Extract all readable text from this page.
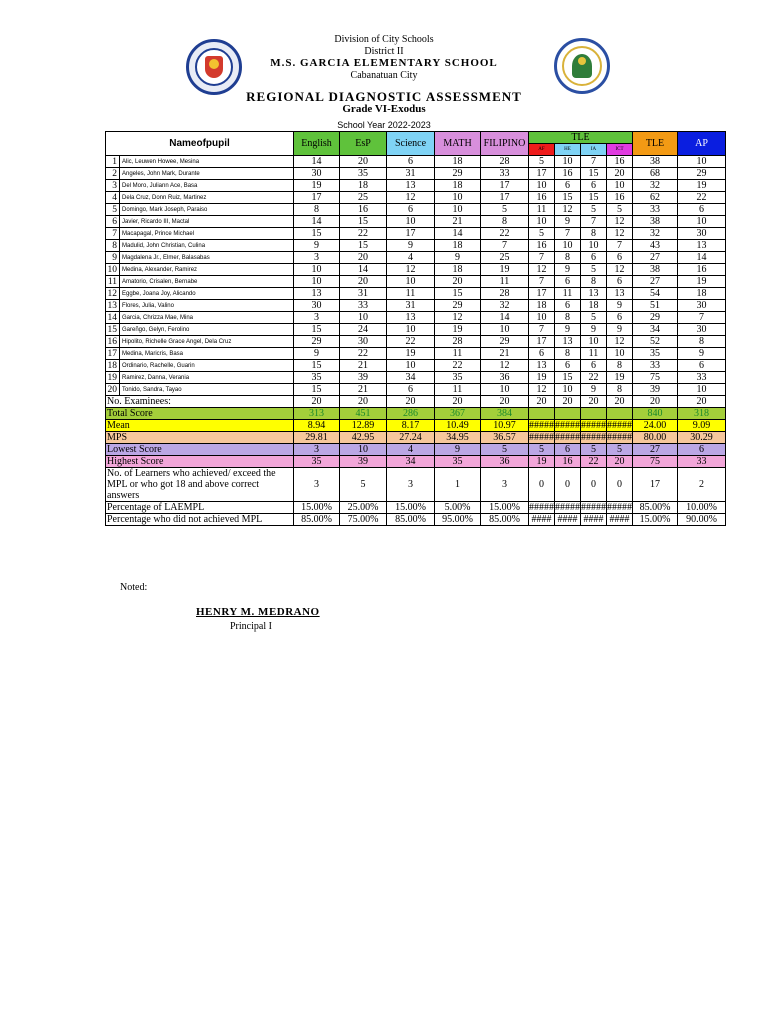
Division of City Schools
District II
M.S. GARCIA ELEMENTARY SCHOOL
Cabanatuan City
REGIONAL DIAGNOSTIC ASSESSMENT
Grade VI-Exodus
School Year 2022-2023
Nameofpupil		English	EsP	Science	MATH	FILIPINO	TLE				TLE	AP
							AF	HE	IA	ICT		
1	Alic, Leuwen Howee, Mesina	14	20	6	18	28	5	10	7	16	38	10
2	Angeles, John Mark, Durante	30	35	31	29	33	17	16	15	20	68	29
3	Del Moro, Juliann Ace, Basa	19	18	13	18	17	10	6	6	10	32	19
4	Dela Cruz, Donn Ruiz, Martinez	17	25	12	10	17	16	15	15	16	62	22
5	Domingo, Mark Joseph, Paraiso	8	16	6	10	5	11	12	5	5	33	6
6	Javier, Ricardo III, Mactal	14	15	10	21	8	10	9	7	12	38	10
7	Macapagal, Prince Michael	15	22	17	14	22	5	7	8	12	32	30
8	Madulid, John Christian, Culina	9	15	9	18	7	16	10	10	7	43	13
9	Magdalena Jr., Elmer, Balasabas	3	20	4	9	25	7	8	6	6	27	14
10	Medina, Alexander, Ramirez	10	14	12	18	19	12	9	5	12	38	16
11	Amatorio, Crisalen, Bernabe	10	20	10	20	11	7	6	8	6	27	19
12	Eggbe, Joana Joy, Alicando	13	31	11	15	28	17	11	13	13	54	18
13	Flores, Julia, Valino	30	33	31	29	32	18	6	18	9	51	30
14	Garcia, Chrizza Mae, Mina	3	10	13	12	14	10	8	5	6	29	7
15	Gareñgo, Gelyn, Ferolino	15	24	10	19	10	7	9	9	9	34	30
16	Hipolito, Richelle Grace Angel, Dela Cruz	29	30	22	28	29	17	13	10	12	52	8
17	Medina, Maricris, Basa	9	22	19	11	21	6	8	11	10	35	9
18	Ordinario, Rachelle, Guarin	15	21	10	22	12	13	6	6	8	33	6
19	Ramirez, Danna, Verania	35	39	34	35	36	19	15	22	19	75	33
20	Tonido, Sandra, Tayao	15	21	6	11	10	12	10	9	8	39	10
No. Examinees:		20	20	20	20	20	20	20	20	20	20	20
Total Score		313	451	286	367	384					840	318
Mean		8.94	12.89	8.17	10.49	10.97	#####	#####	#####	#####	24.00	9.09
MPS		29.81	42.95	27.24	34.95	36.57	#####	#####	#####	#####	80.00	30.29
Lowest Score		3	10	4	9	5	5	6	5	5	27	6
Highest Score		35	39	34	35	36	19	16	22	20	75	33
No. of Learners who achieved/ exceed the MPL or who got 18 and above correct answers		3	5	3	1	3	0	0	0	0	17	2
Percentage of LAEMPL		15.00%	25.00%	15.00%	5.00%	15.00%	#####	#####	#####	#####	85.00%	10.00%
Percentage who did not achieved MPL		85.00%	75.00%	85.00%	95.00%	85.00%	####	####	####	####	15.00%	90.00%
Noted:
HENRY M. MEDRANO
Principal I
